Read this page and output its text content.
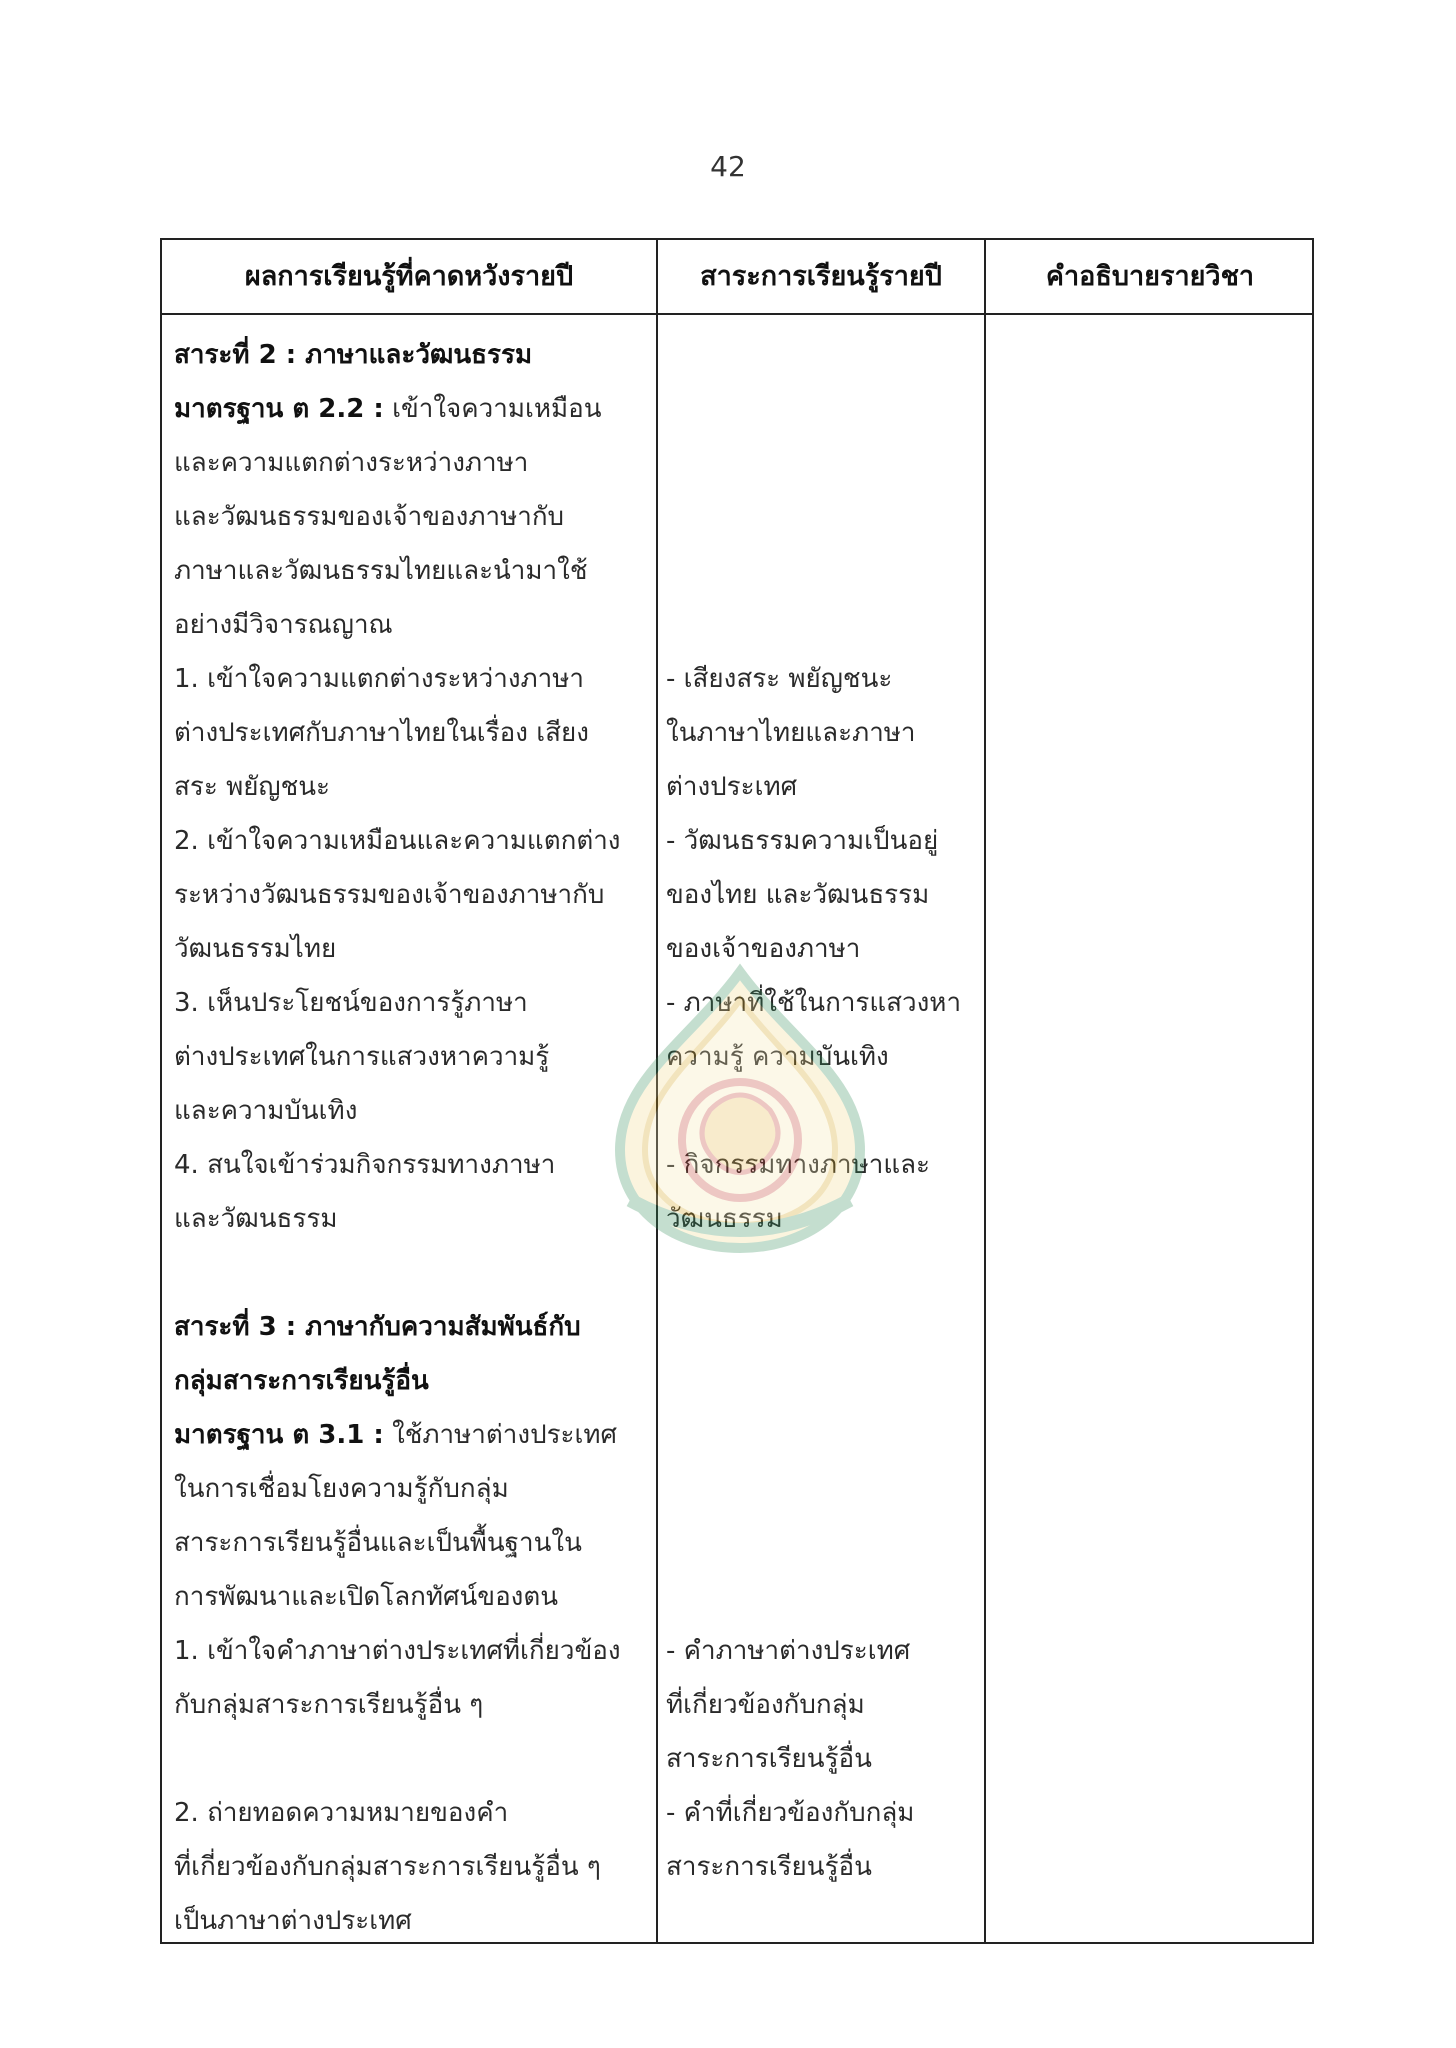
42
ผลการเรียนรู้ที่คาดหวังรายปี	สาระการเรียนรู้รายปี	คำอธิบายรายวิชา
สาระที่ 2 : ภาษาและวัฒนธรรม
มาตรฐาน ต 2.2 : เข้าใจความเหมือน
และความแตกต่างระหว่างภาษา
และวัฒนธรรมของเจ้าของภาษากับ
ภาษาและวัฒนธรรมไทยและนำมาใช้
อย่างมีวิจารณญาณ
1. เข้าใจความแตกต่างระหว่างภาษา
ต่างประเทศกับภาษาไทยในเรื่อง เสียง
สระ พยัญชนะ
2. เข้าใจความเหมือนและความแตกต่าง
ระหว่างวัฒนธรรมของเจ้าของภาษากับ
วัฒนธรรมไทย
3. เห็นประโยชน์ของการรู้ภาษา
ต่างประเทศในการแสวงหาความรู้
และความบันเทิง
4. สนใจเข้าร่วมกิจกรรมทางภาษา
และวัฒนธรรม
สาระที่ 3 : ภาษากับความสัมพันธ์กับ
กลุ่มสาระการเรียนรู้อื่น
มาตรฐาน ต 3.1 : ใช้ภาษาต่างประเทศ
ในการเชื่อมโยงความรู้กับกลุ่ม
สาระการเรียนรู้อื่นและเป็นพื้นฐานใน
การพัฒนาและเปิดโลกทัศน์ของตน
1. เข้าใจคำภาษาต่างประเทศที่เกี่ยวข้อง
กับกลุ่มสาระการเรียนรู้อื่น ๆ
2. ถ่ายทอดความหมายของคำ
ที่เกี่ยวข้องกับกลุ่มสาระการเรียนรู้อื่น ๆ
เป็นภาษาต่างประเทศ
- เสียงสระ พยัญชนะ
ในภาษาไทยและภาษา
ต่างประเทศ
- วัฒนธรรมความเป็นอยู่
ของไทย และวัฒนธรรม
ของเจ้าของภาษา
- ภาษาที่ใช้ในการแสวงหา
ความรู้ ความบันเทิง
- กิจกรรมทางภาษาและ
วัฒนธรรม
- คำภาษาต่างประเทศ
ที่เกี่ยวข้องกับกลุ่ม
สาระการเรียนรู้อื่น
- คำที่เกี่ยวข้องกับกลุ่ม
สาระการเรียนรู้อื่น
